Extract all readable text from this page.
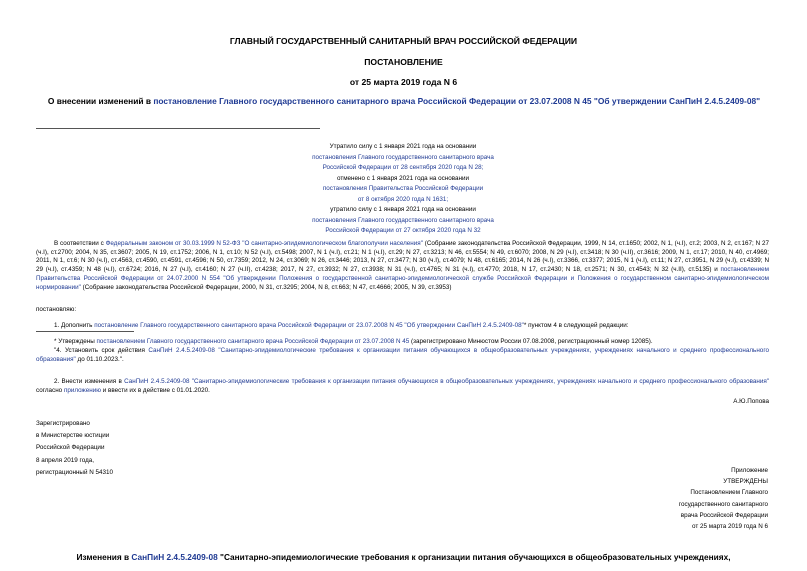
ГЛАВНЫЙ ГОСУДАРСТВЕННЫЙ САНИТАРНЫЙ ВРАЧ РОССИЙСКОЙ ФЕДЕРАЦИИ
ПОСТАНОВЛЕНИЕ
от 25 марта 2019 года N 6
О внесении изменений в постановление Главного государственного санитарного врача Российской Федерации от 23.07.2008 N 45 "Об утверждении СанПиН 2.4.5.2409-08"
Утратило силу с 1 января 2021 года на основании
постановления Главного государственного санитарного врача
Российской Федерации от 28 сентября 2020 года N 28;
отменено с 1 января 2021 года на основании
постановления Правительства Российской Федерации
от 8 октября 2020 года N 1631;
утратило силу с 1 января 2021 года на основании
постановления Главного государственного санитарного врача
Российской Федерации от 27 октября 2020 года N 32
В соответствии с Федеральным законом от 30.03.1999 N 52-ФЗ "О санитарно-эпидемиологическом благополучии населения" (Собрание законодательства Российской Федерации, 1999, N 14, ст.1650; 2002, N 1, (ч.I), ст.2; 2003, N 2, ст.167; N 27 (ч.I), ст.2700; 2004, N 35, ст.3607; 2005, N 19, ст.1752; 2006, N 1, ст.10; N 52 (ч.I), ст.5498; 2007, N 1 (ч.I), ст.21; N 1 (ч.I), ст.29; N 27, ст.3213; N 46, ст.5554; N 49, ст.6070; 2008, N 29 (ч.I), ст.3418; N 30 (ч.II), ст.3616; 2009, N 1, ст.17; 2010, N 40, ст.4969; 2011, N 1, ст.6; N 30 (ч.I), ст.4563, ст.4590, ст.4591, ст.4596; N 50, ст.7359; 2012, N 24, ст.3069; N 26, ст.3446; 2013, N 27, ст.3477; N 30 (ч.I), ст.4079; N 48, ст.6165; 2014, N 26 (ч.I), ст.3366, ст.3377; 2015, N 1 (ч.I), ст.11; N 27, ст.3951, N 29 (ч.I), ст.4339; N 29 (ч.I), ст.4359; N 48 (ч.I), ст.6724; 2016, N 27 (ч.I), ст.4160; N 27 (ч.II), ст.4238; 2017, N 27, ст.3932; N 27, ст.3938; N 31 (ч.I), ст.4765; N 31 (ч.I), ст.4770; 2018, N 17, ст.2430; N 18, ст.2571; N 30, ст.4543; N 32 (ч.II), ст.5135) и постановлением Правительства Российской Федерации от 24.07.2000 N 554 "Об утверждении Положения о государственной санитарно-эпидемиологической службе Российской Федерации и Положения о государственном санитарно-эпидемиологическом нормировании" (Собрание законодательства Российской Федерации, 2000, N 31, ст.3295; 2004, N 8, ст.663; N 47, ст.4666; 2005, N 39, ст.3953)
постановляю:
1. Дополнить постановление Главного государственного санитарного врача Российской Федерации от 23.07.2008 N 45 "Об утверждении СанПиН 2.4.5.2409-08"* пунктом 4 в следующей редакции:
* Утверждены постановлением Главного государственного санитарного врача Российской Федерации от 23.07.2008 N 45 (зарегистрировано Минюстом России 07.08.2008, регистрационный номер 12085).
"4. Установить срок действия СанПиН 2.4.5.2409-08 "Санитарно-эпидемиологические требования к организации питания обучающихся в общеобразовательных учреждениях, учреждениях начального и среднего профессионального образования" до 01.10.2023.".
2. Внести изменения в СанПиН 2.4.5.2409-08 "Санитарно-эпидемиологические требования к организации питания обучающихся в общеобразовательных учреждениях, учреждениях начального и среднего профессионального образования" согласно приложению и ввести их в действие с 01.01.2020.
А.Ю.Попова
Зарегистрировано
в Министерстве юстиции
Российской Федерации
8 апреля 2019 года,
регистрационный N 54310	Приложение
УТВЕРЖДЕНЫ
Постановлением Главного
государственного санитарного
врача Российской Федерации
от 25 марта 2019 года N 6
Изменения в СанПиН 2.4.5.2409-08 "Санитарно-эпидемиологические требования к организации питания обучающихся в общеобразовательных учреждениях,
